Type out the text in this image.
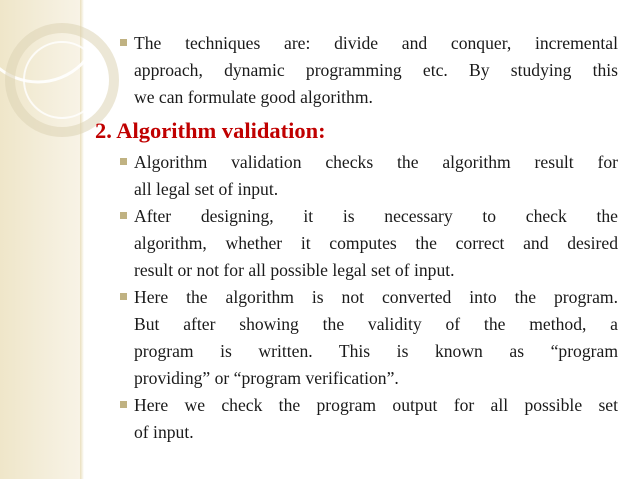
The techniques are: divide and conquer, incremental
approach, dynamic programming etc. By studying this
we can formulate good algorithm.
2. Algorithm validation:
Algorithm validation checks the algorithm result for
all legal set of input.
After designing, it is necessary to check the
algorithm, whether it computes the correct and desired
result or not for all possible legal set of input.
Here the algorithm is not converted into the program.
But after showing the validity of the method, a
program is written. This is known as “program
providing” or “program verification”.
Here we check the program output for all possible set
of input.
